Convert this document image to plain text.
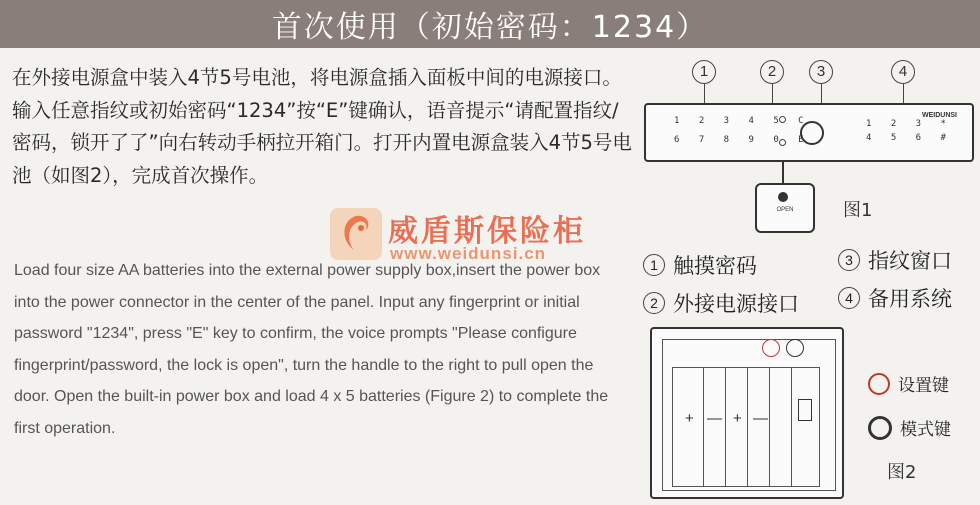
首次使用（初始密码：1234）
在外接电源盒中装入4节5号电池，将电源盒插入面板中间的电源接口。输入任意指纹或初始密码“1234”按“E”键确认，语音提示“请配置指纹/密码，锁开了了”向右转动手柄拉开箱门。打开内置电源盒装入4节5号电池（如图2），完成首次操作。
Load four size AA batteries into the external power supply box,insert the power box into the power connector in the center of the panel. Input any fingerprint or initial password "1234", press "E" key to confirm, the voice prompts "Please configure fingerprint/password, the lock is open", turn the handle to the right to pull open the door. Open the built-in power box and load 4 x 5 batteries (Figure 2) to complete the first operation.
威盾斯保险柜
www.weidunsi.cn
1	2	3	4
1 2 3 4 5 C
6 7 8 9 0 E
1 2 3 *
4 5 6 #
WEIDUNSI
OPEN	图1
1 触摸密码
2 外接电源接口
3 指纹窗口
4 备用系统
+ — + —
设置键
模式键
图2
